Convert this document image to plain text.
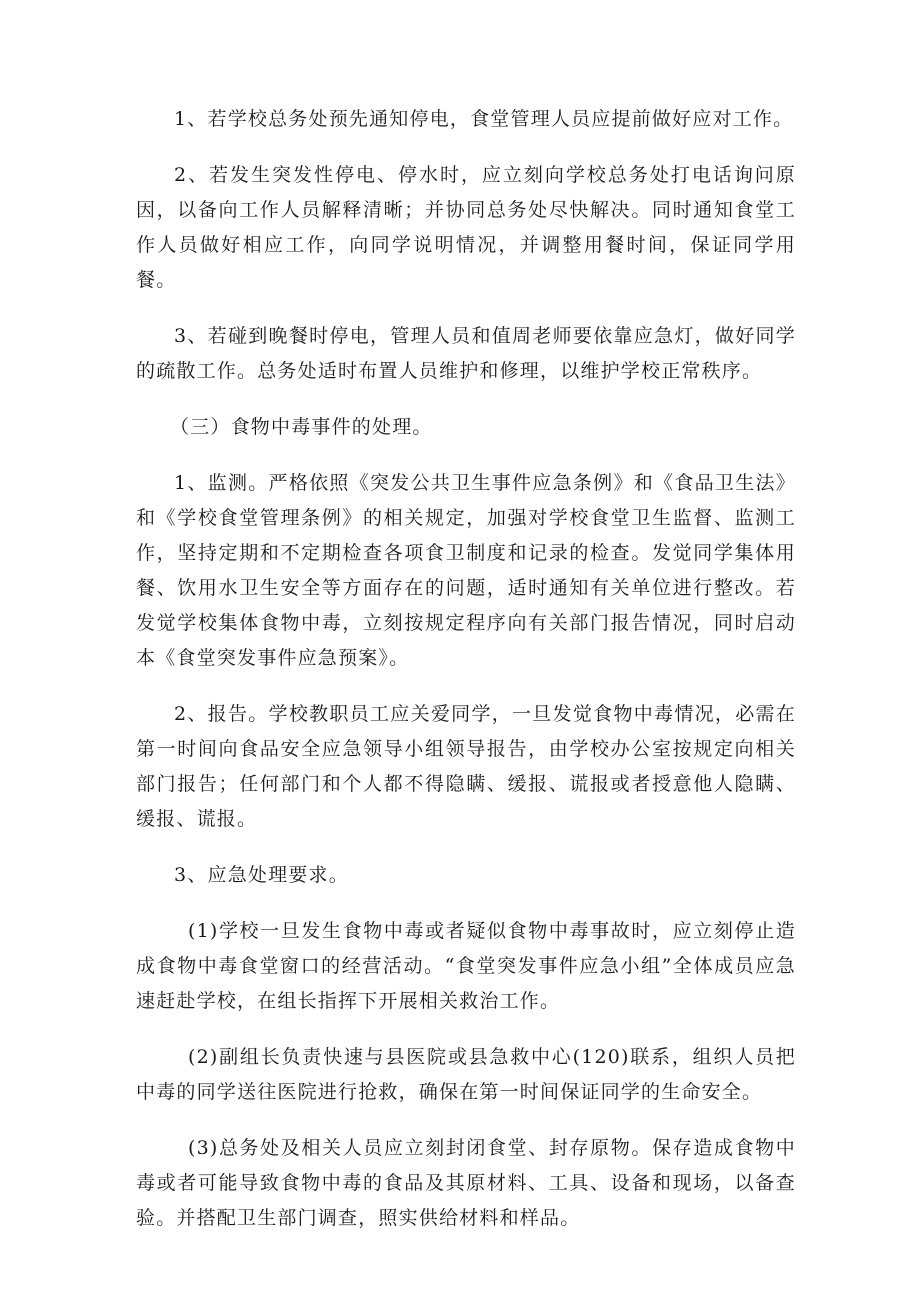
1、若学校总务处预先通知停电，食堂管理人员应提前做好应对工作。

2、若发生突发性停电、停水时，应立刻向学校总务处打电话询问原因，以备向工作人员解释清晰；并协同总务处尽快解决。同时通知食堂工作人员做好相应工作，向同学说明情况，并调整用餐时间，保证同学用餐。

3、若碰到晚餐时停电，管理人员和值周老师要依靠应急灯，做好同学的疏散工作。总务处适时布置人员维护和修理，以维护学校正常秩序。

（三）食物中毒事件的处理。

1、监测。严格依照《突发公共卫生事件应急条例》和《食品卫生法》和《学校食堂管理条例》的相关规定，加强对学校食堂卫生监督、监测工作，坚持定期和不定期检查各项食卫制度和记录的检查。发觉同学集体用餐、饮用水卫生安全等方面存在的问题，适时通知有关单位进行整改。若发觉学校集体食物中毒，立刻按规定程序向有关部门报告情况，同时启动本《食堂突发事件应急预案》。

2、报告。学校教职员工应关爱同学，一旦发觉食物中毒情况，必需在第一时间向食品安全应急领导小组领导报告，由学校办公室按规定向相关部门报告；任何部门和个人都不得隐瞒、缓报、谎报或者授意他人隐瞒、缓报、谎报。

3、应急处理要求。

(1)学校一旦发生食物中毒或者疑似食物中毒事故时，应立刻停止造成食物中毒食堂窗口的经营活动。“食堂突发事件应急小组”全体成员应急速赶赴学校，在组长指挥下开展相关救治工作。

(2)副组长负责快速与县医院或县急救中心(120)联系，组织人员把中毒的同学送往医院进行抢救，确保在第一时间保证同学的生命安全。

(3)总务处及相关人员应立刻封闭食堂、封存原物。保存造成食物中毒或者可能导致食物中毒的食品及其原材料、工具、设备和现场，以备查验。并搭配卫生部门调查，照实供给材料和样品。
